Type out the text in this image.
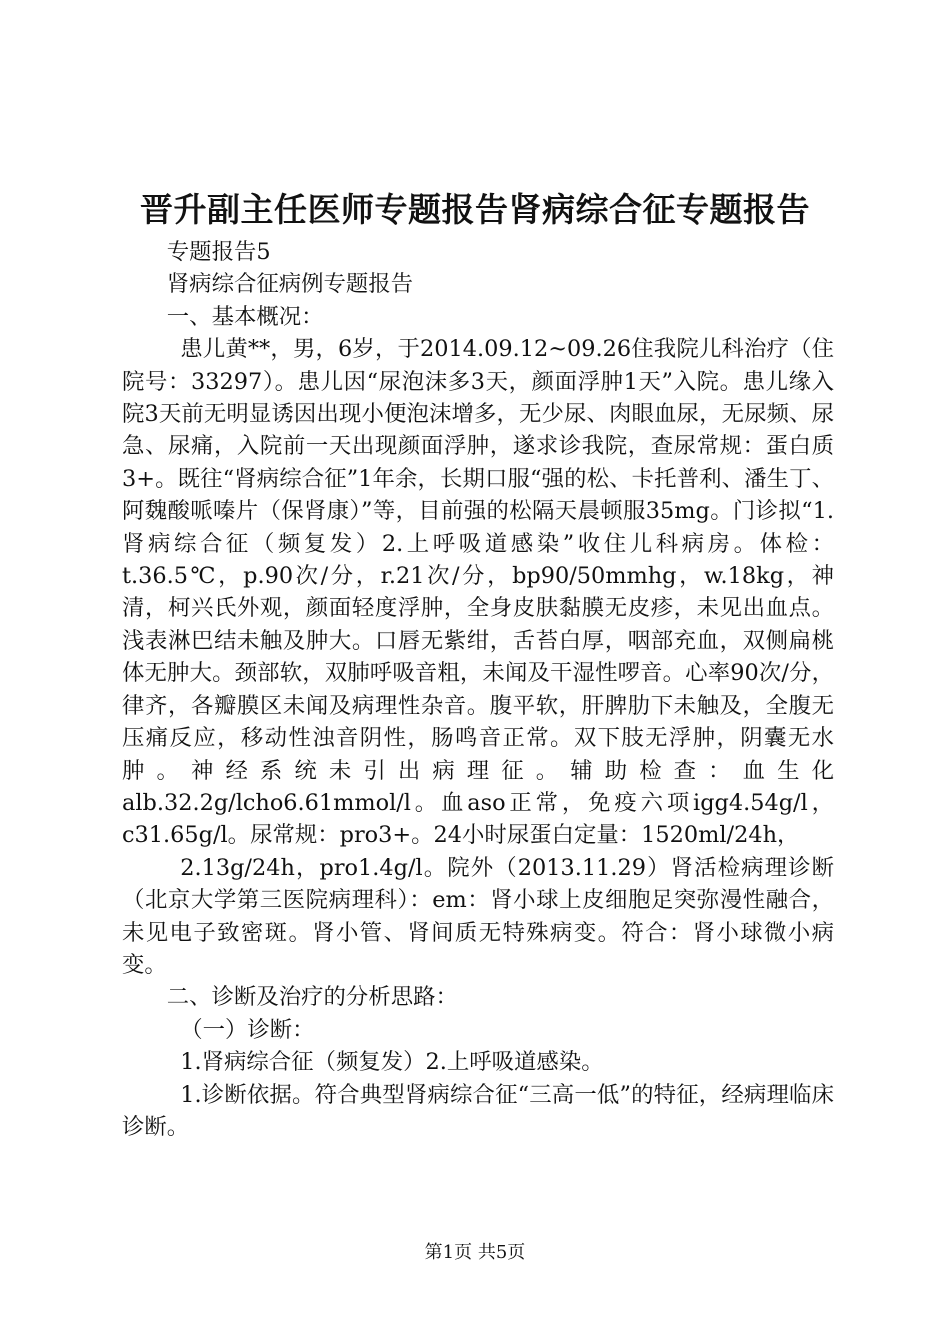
晋升副主任医师专题报告肾病综合征专题报告

专题报告5

肾病综合征病例专题报告

一、基本概况：

患儿黄**，男，6岁，于2014.09.12~09.26住我院儿科治疗（住院号：33297）。患儿因“尿泡沫多3天，颜面浮肿1天”入院。患儿缘入院3天前无明显诱因出现小便泡沫增多，无少尿、肉眼血尿，无尿频、尿急、尿痛，入院前一天出现颜面浮肿，遂求诊我院，查尿常规：蛋白质3+。既往“肾病综合征”1年余，长期口服“强的松、卡托普利、潘生丁、阿魏酸哌嗪片（保肾康）”等，目前强的松隔天晨顿服35mg。门诊拟“1.肾病综合征（频复发）2.上呼吸道感染”收住儿科病房。体检：t.36.5℃，p.90次/分，r.21次/分，bp90/50mmhg，w.18kg，神清，柯兴氏外观，颜面轻度浮肿，全身皮肤黏膜无皮疹，未见出血点。浅表淋巴结未触及肿大。口唇无紫绀，舌苔白厚，咽部充血，双侧扁桃体无肿大。颈部软，双肺呼吸音粗，未闻及干湿性啰音。心率90次/分，律齐，各瓣膜区未闻及病理性杂音。腹平软，肝脾肋下未触及，全腹无压痛反应，移动性浊音阴性，肠鸣音正常。双下肢无浮肿，阴囊无水肿。神经系统未引出病理征。辅助检查：血生化alb.32.2g/lcho6.61mmol/l。血aso正常，免疫六项igg4.54g/l，c31.65g/l。尿常规：pro3+。24小时尿蛋白定量：1520ml/24h，

2.13g/24h，pro1.4g/l。院外（2013.11.29）肾活检病理诊断（北京大学第三医院病理科）：em：肾小球上皮细胞足突弥漫性融合，未见电子致密斑。肾小管、肾间质无特殊病变。符合：肾小球微小病变。

二、诊断及治疗的分析思路：

（一）诊断：

1.肾病综合征（频复发）2.上呼吸道感染。

1.诊断依据。符合典型肾病综合征“三高一低”的特征，经病理临床诊断。

第1页 共5页
